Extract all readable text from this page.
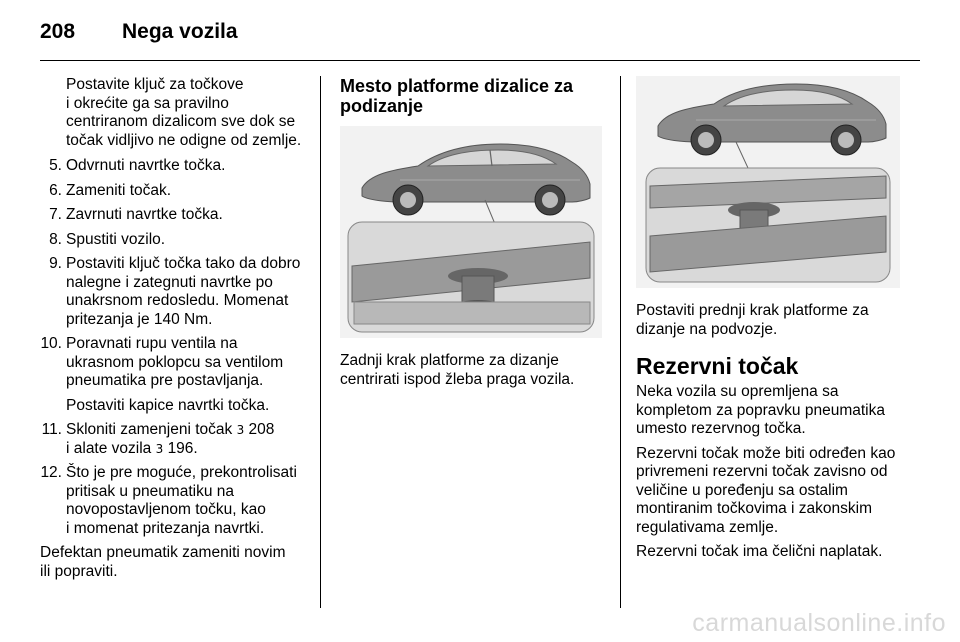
208 Nega vozila
Postavite ključ za točkove
i okrećite ga sa pravilno
centriranom dizalicom sve dok se
točak vidljivo ne odigne od zemlje.
5. Odvrnuti navrtke točka.
6. Zameniti točak.
7. Zavrnuti navrtke točka.
8. Spustiti vozilo.
9. Postaviti ključ točka tako da dobro
nalegne i zategnuti navrtke po
unakrsnom redosledu. Momenat
pritezanja je 140 Nm.
10. Poravnati rupu ventila na
ukrasnom poklopcu sa ventilom
pneumatika pre postavljanja.
Postaviti kapice navrtki točka.
11. Skloniti zamenjeni točak 3 208
i alate vozila 3 196.
12. Što je pre moguće, prekontrolisati
pritisak u pneumatiku na
novopostavljenom točku, kao
i momenat pritezanja navrtki.
Defektan pneumatik zameniti novim
ili popraviti.
Mesto platforme dizalice za
podizanje
Zadnji krak platforme za dizanje
centrirati ispod žleba praga vozila.
Postaviti prednji krak platforme za
dizanje na podvozje.
Rezervni točak
Neka vozila su opremljena sa
kompletom za popravku pneumatika
umesto rezervnog točka.
Rezervni točak može biti određen kao
privremeni rezervni točak zavisno od
veličine u poređenju sa ostalim
montiranim točkovima i zakonskim
regulativama zemlje.
Rezervni točak ima čelični naplatak.
carmanualsonline.info
